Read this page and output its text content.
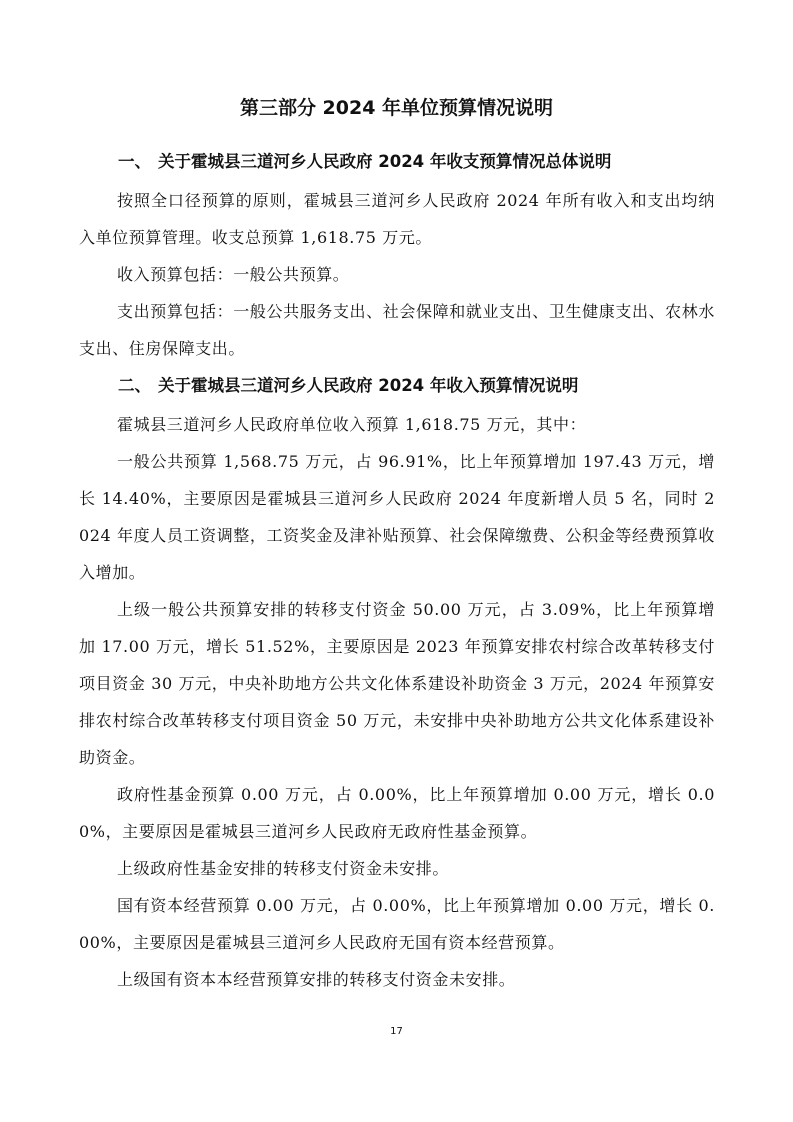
第三部分 2024 年单位预算情况说明
一、 关于霍城县三道河乡人民政府 2024 年收支预算情况总体说明

按照全口径预算的原则，霍城县三道河乡人民政府 2024 年所有收入和支出均纳入单位预算管理。收支总预算 1,618.75 万元。

收入预算包括：一般公共预算。

支出预算包括：一般公共服务支出、社会保障和就业支出、卫生健康支出、农林水支出、住房保障支出。

二、 关于霍城县三道河乡人民政府 2024 年收入预算情况说明

霍城县三道河乡人民政府单位收入预算 1,618.75 万元，其中：

一般公共预算 1,568.75 万元，占 96.91%，比上年预算增加 197.43 万元，增长 14.40%，主要原因是霍城县三道河乡人民政府 2024 年度新增人员 5 名，同时 2024 年度人员工资调整，工资奖金及津补贴预算、社会保障缴费、公积金等经费预算收入增加。

上级一般公共预算安排的转移支付资金 50.00 万元，占 3.09%，比上年预算增加 17.00 万元，增长 51.52%，主要原因是 2023 年预算安排农村综合改革转移支付项目资金 30 万元，中央补助地方公共文化体系建设补助资金 3 万元，2024 年预算安排农村综合改革转移支付项目资金 50 万元，未安排中央补助地方公共文化体系建设补助资金。

政府性基金预算 0.00 万元，占 0.00%，比上年预算增加 0.00 万元，增长 0.00%，主要原因是霍城县三道河乡人民政府无政府性基金预算。

上级政府性基金安排的转移支付资金未安排。

国有资本经营预算 0.00 万元，占 0.00%，比上年预算增加 0.00 万元，增长 0.00%，主要原因是霍城县三道河乡人民政府无国有资本经营预算。

上级国有资本本经营预算安排的转移支付资金未安排。

17
